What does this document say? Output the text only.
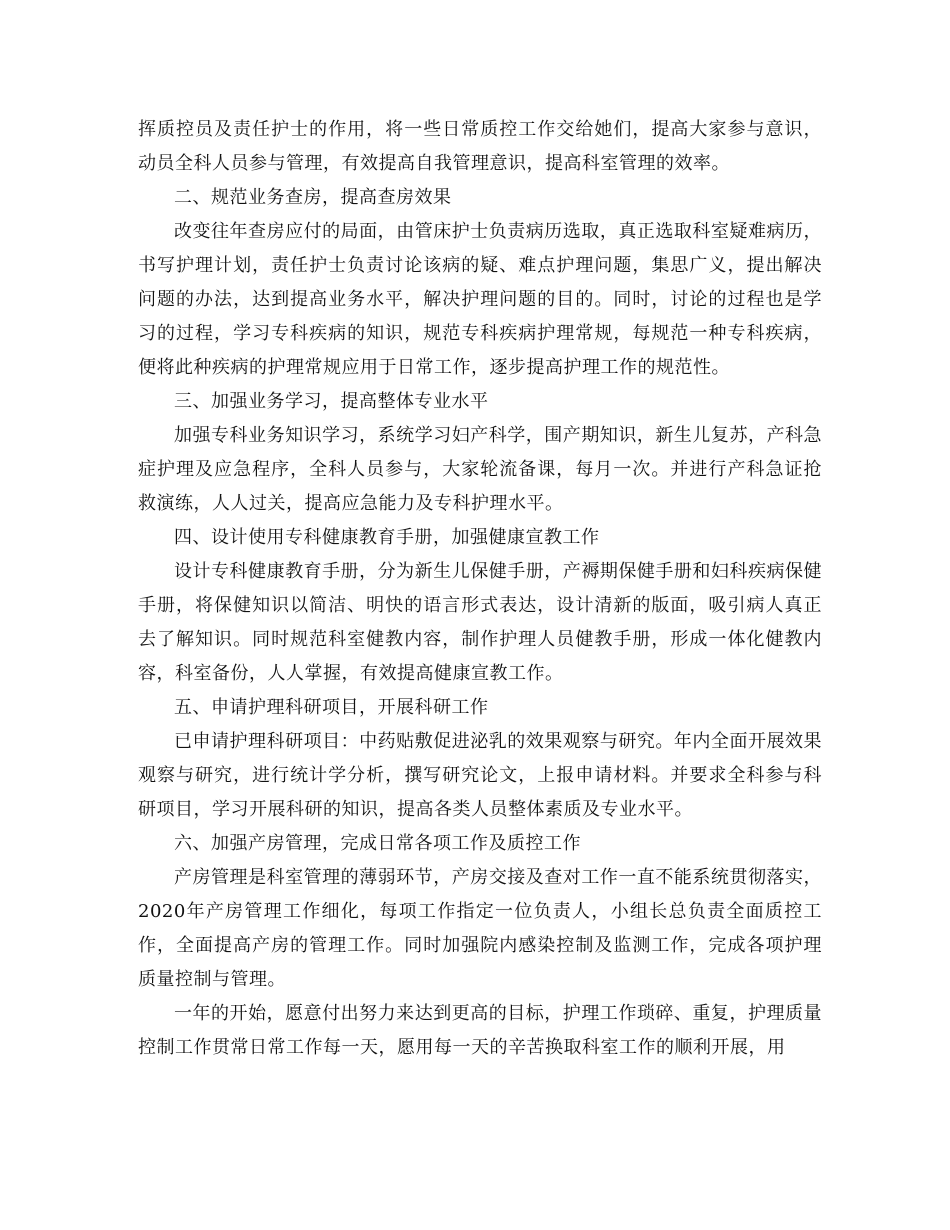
挥质控员及责任护士的作用，将一些日常质控工作交给她们，提高大家参与意识，动员全科人员参与管理，有效提高自我管理意识，提高科室管理的效率。

二、规范业务查房，提高查房效果

改变往年查房应付的局面，由管床护士负责病历选取，真正选取科室疑难病历，书写护理计划，责任护士负责讨论该病的疑、难点护理问题，集思广义，提出解决问题的办法，达到提高业务水平，解决护理问题的目的。同时，讨论的过程也是学习的过程，学习专科疾病的知识，规范专科疾病护理常规，每规范一种专科疾病，便将此种疾病的护理常规应用于日常工作，逐步提高护理工作的规范性。

三、加强业务学习，提高整体专业水平

加强专科业务知识学习，系统学习妇产科学，围产期知识，新生儿复苏，产科急症护理及应急程序，全科人员参与，大家轮流备课，每月一次。并进行产科急证抢救演练，人人过关，提高应急能力及专科护理水平。

四、设计使用专科健康教育手册，加强健康宣教工作

设计专科健康教育手册，分为新生儿保健手册，产褥期保健手册和妇科疾病保健手册，将保健知识以简洁、明快的语言形式表达，设计清新的版面，吸引病人真正去了解知识。同时规范科室健教内容，制作护理人员健教手册，形成一体化健教内容，科室备份，人人掌握，有效提高健康宣教工作。

五、申请护理科研项目，开展科研工作

已申请护理科研项目：中药贴敷促进泌乳的效果观察与研究。年内全面开展效果观察与研究，进行统计学分析，撰写研究论文，上报申请材料。并要求全科参与科研项目，学习开展科研的知识，提高各类人员整体素质及专业水平。

六、加强产房管理，完成日常各项工作及质控工作

产房管理是科室管理的薄弱环节，产房交接及查对工作一直不能系统贯彻落实，2020年产房管理工作细化，每项工作指定一位负责人，小组长总负责全面质控工作，全面提高产房的管理工作。同时加强院内感染控制及监测工作，完成各项护理质量控制与管理。

一年的开始，愿意付出努力来达到更高的目标，护理工作琐碎、重复，护理质量控制工作贯常日常工作每一天，愿用每一天的辛苦换取科室工作的顺利开展，用
